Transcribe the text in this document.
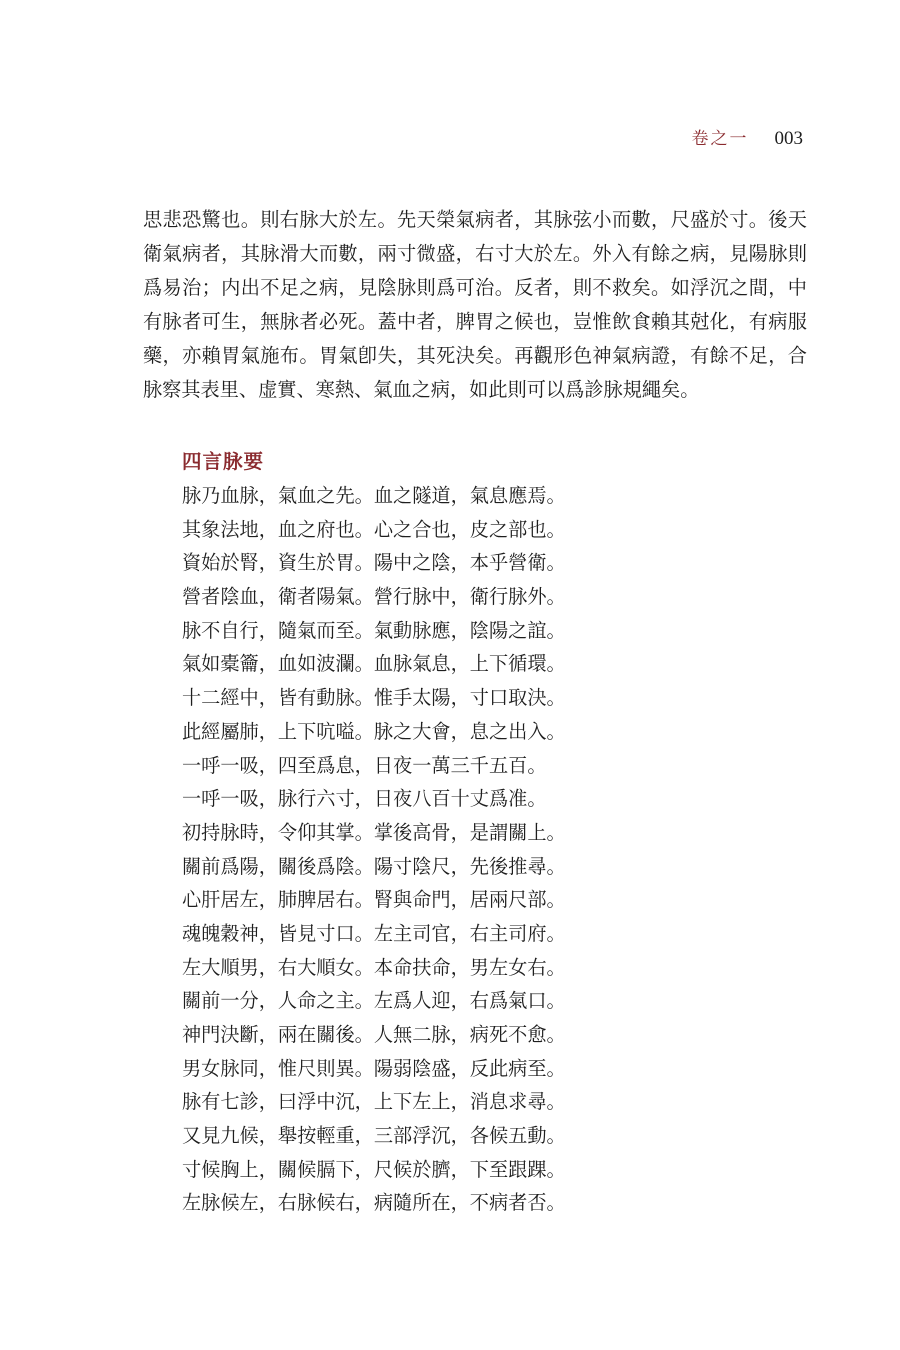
卷之一 003

思悲恐驚也。則右脉大於左。先天榮氣病者，其脉弦小而數，尺盛於寸。後天衛氣病者，其脉滑大而數，兩寸微盛，右寸大於左。外入有餘之病，見陽脉則爲易治；内出不足之病，見陰脉則爲可治。反者，則不救矣。如浮沉之間，中有脉者可生，無脉者必死。蓋中者，脾胃之候也，豈惟飲食賴其尅化，有病服藥，亦賴胃氣施布。胃氣卽失，其死決矣。再觀形色神氣病證，有餘不足，合脉察其表里、虚實、寒熱、氣血之病，如此則可以爲診脉規繩矣。

四言脉要
脉乃血脉，氣血之先。血之隧道，氣息應焉。
其象法地，血之府也。心之合也，皮之部也。
資始於腎，資生於胃。陽中之陰，本乎營衛。
營者陰血，衛者陽氣。營行脉中，衛行脉外。
脉不自行，隨氣而至。氣動脉應，陰陽之誼。
氣如橐籥，血如波瀾。血脉氣息，上下循環。
十二經中，皆有動脉。惟手太陽，寸口取決。
此經屬肺，上下吭嗌。脉之大會，息之出入。
一呼一吸，四至爲息，日夜一萬三千五百。
一呼一吸，脉行六寸，日夜八百十丈爲准。
初持脉時，令仰其掌。掌後高骨，是謂關上。
關前爲陽，關後爲陰。陽寸陰尺，先後推尋。
心肝居左，肺脾居右。腎與命門，居兩尺部。
魂魄穀神，皆見寸口。左主司官，右主司府。
左大順男，右大順女。本命扶命，男左女右。
關前一分，人命之主。左爲人迎，右爲氣口。
神門決斷，兩在關後。人無二脉，病死不愈。
男女脉同，惟尺則異。陽弱陰盛，反此病至。
脉有七診，曰浮中沉，上下左上，消息求尋。
又見九候，舉按輕重，三部浮沉，各候五動。
寸候胸上，關候膈下，尺候於臍，下至跟踝。
左脉候左，右脉候右，病隨所在，不病者否。
